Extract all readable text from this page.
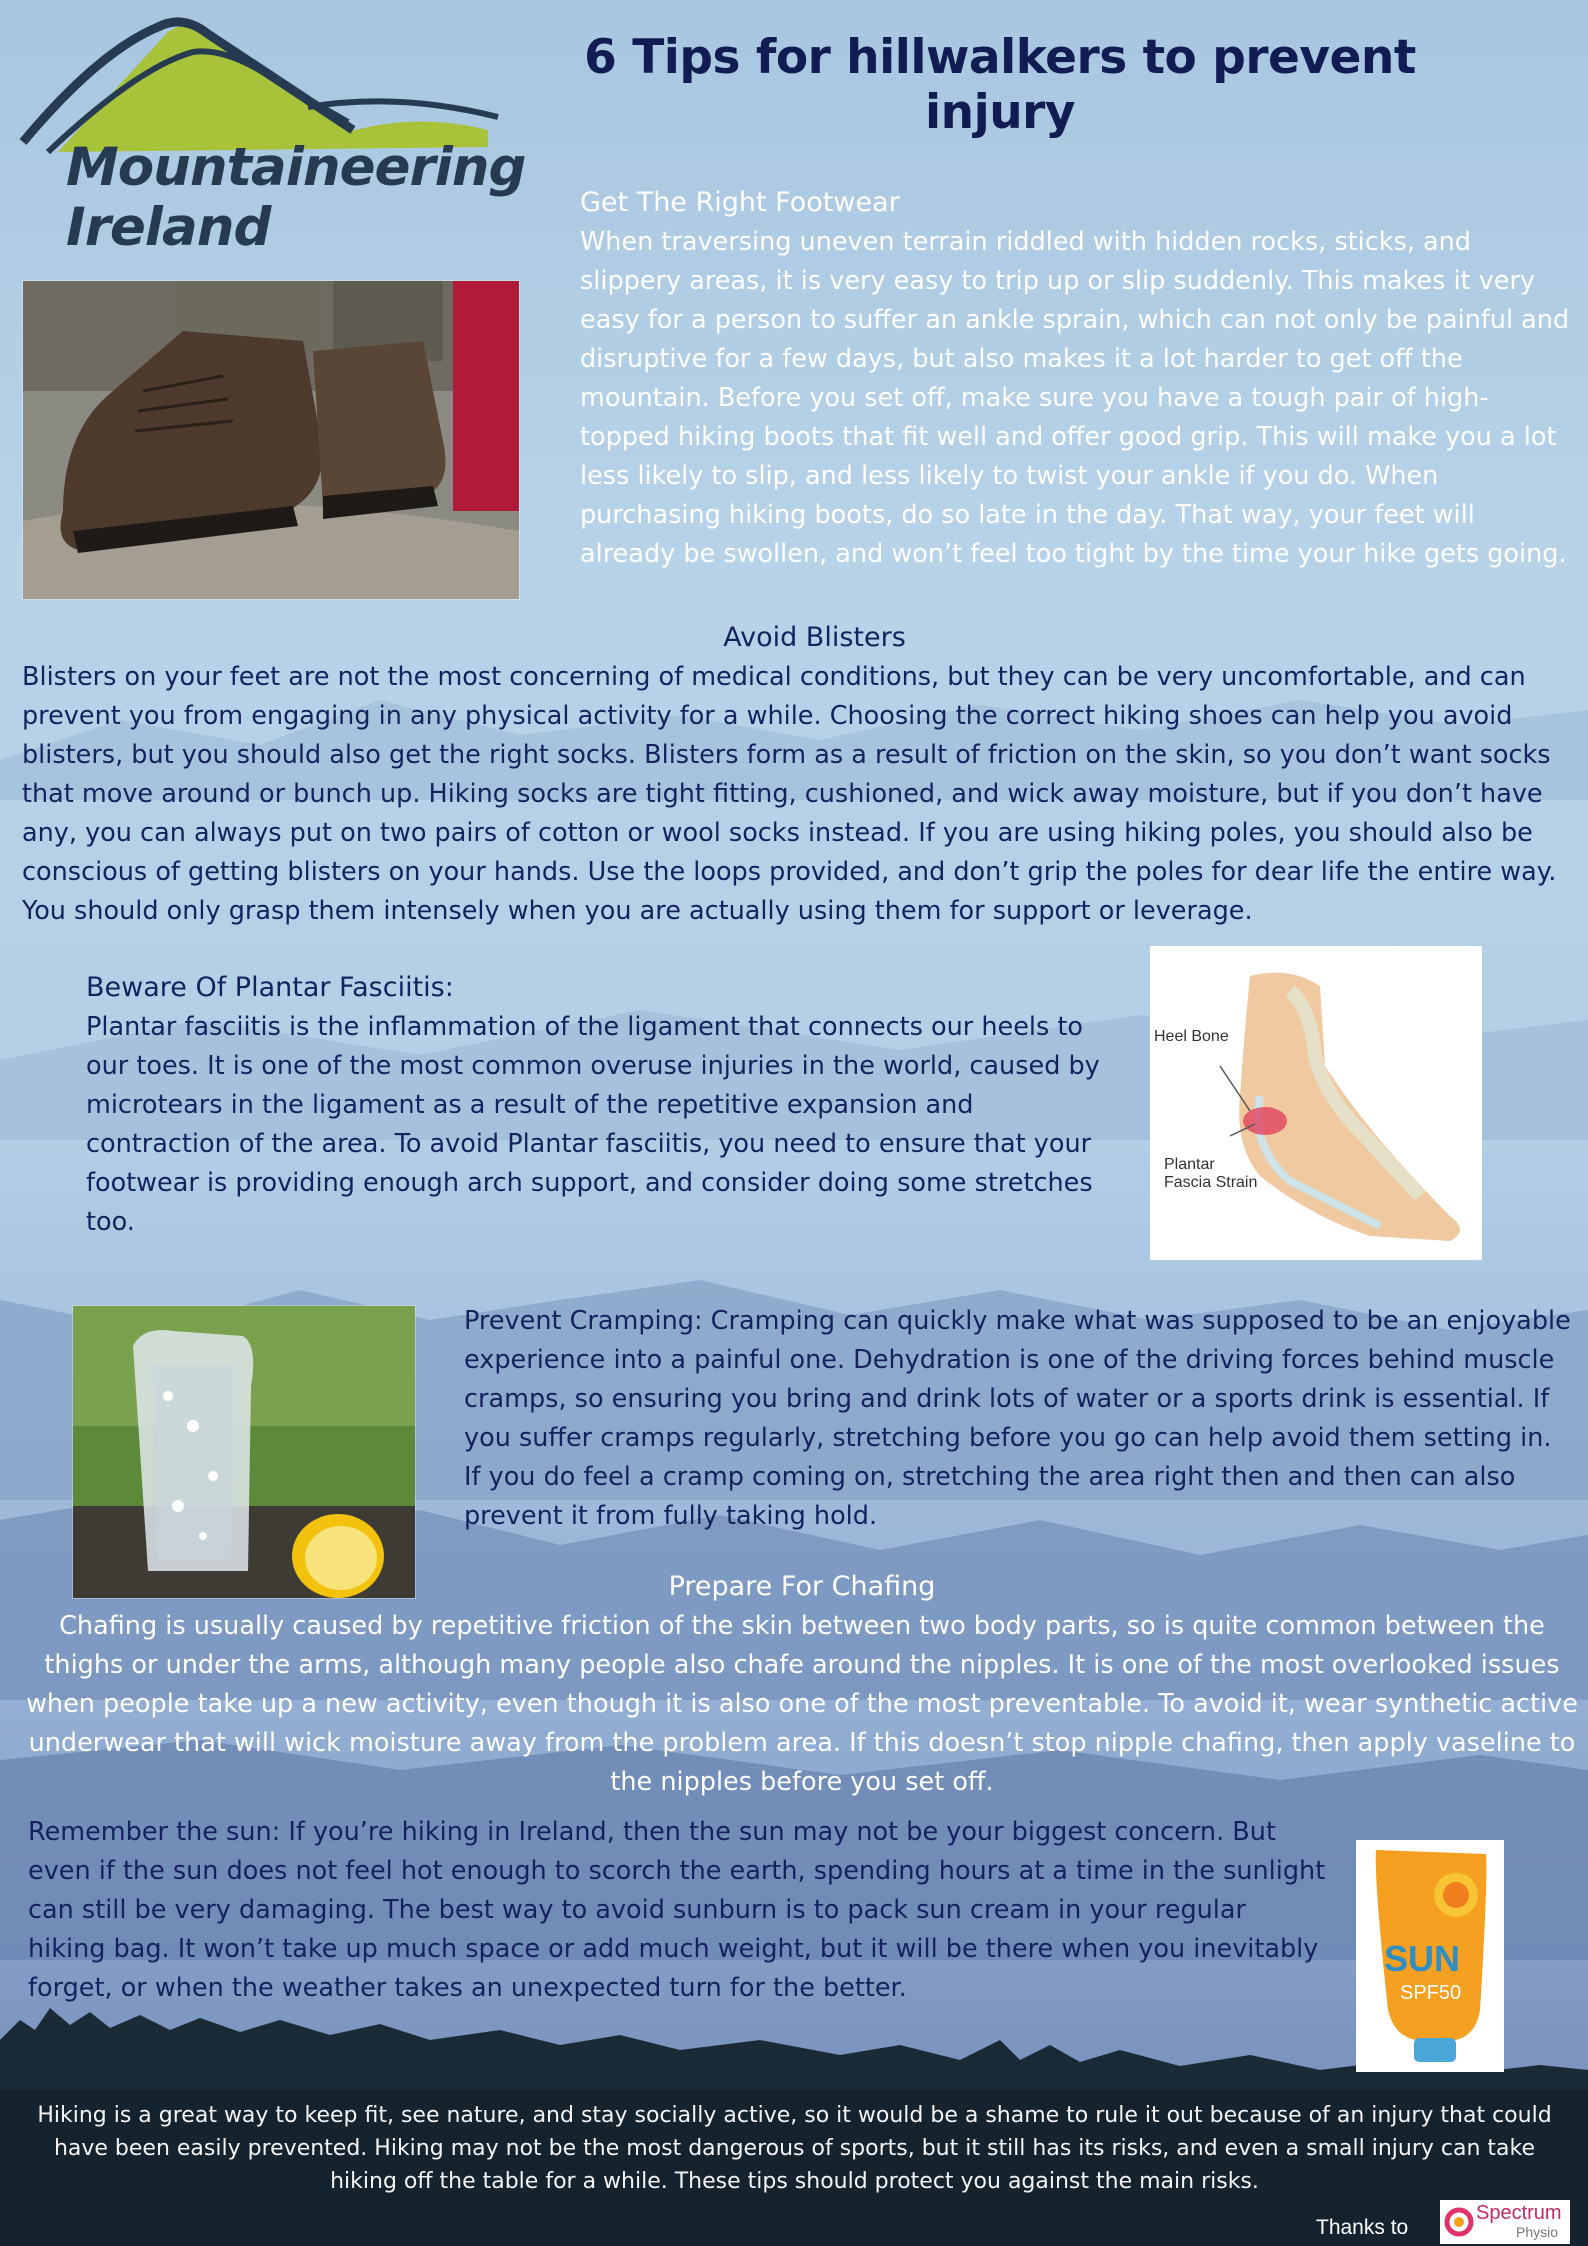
Mountaineering
Ireland
6 Tips for hillwalkers to prevent injury

Get The Right Footwear

When traversing uneven terrain riddled with hidden rocks, sticks, and slippery areas, it is very easy to trip up or slip suddenly. This makes it very easy for a person to suffer an ankle sprain, which can not only be painful and disruptive for a few days, but also makes it a lot harder to get off the mountain. Before you set off, make sure you have a tough pair of high-topped hiking boots that fit well and offer good grip. This will make you a lot less likely to slip, and less likely to twist your ankle if you do. When purchasing hiking boots, do so late in the day. That way, your feet will already be swollen, and won’t feel too tight by the time your hike gets going.

Avoid Blisters

Blisters on your feet are not the most concerning of medical conditions, but they can be very uncomfortable, and can prevent you from engaging in any physical activity for a while. Choosing the correct hiking shoes can help you avoid blisters, but you should also get the right socks. Blisters form as a result of friction on the skin, so you don’t want socks that move around or bunch up. Hiking socks are tight fitting, cushioned, and wick away moisture, but if you don’t have any, you can always put on two pairs of cotton or wool socks instead. If you are using hiking poles, you should also be conscious of getting blisters on your hands. Use the loops provided, and don’t grip the poles for dear life the entire way. You should only grasp them intensely when you are actually using them for support or leverage.

Beware Of Plantar Fasciitis:

Plantar fasciitis is the inflammation of the ligament that connects our heels to our toes. It is one of the most common overuse injuries in the world, caused by microtears in the ligament as a result of the repetitive expansion and contraction of the area. To avoid Plantar fasciitis, you need to ensure that your footwear is providing enough arch support, and consider doing some stretches too.

Heel Bone
Plantar
Fascia Strain

Prevent Cramping: Cramping can quickly make what was supposed to be an enjoyable experience into a painful one. Dehydration is one of the driving forces behind muscle cramps, so ensuring you bring and drink lots of water or a sports drink is essential. If you suffer cramps regularly, stretching before you go can help avoid them setting in. If you do feel a cramp coming on, stretching the area right then and then can also prevent it from fully taking hold.

Prepare For Chafing

Chafing is usually caused by repetitive friction of the skin between two body parts, so is quite common between the thighs or under the arms, although many people also chafe around the nipples. It is one of the most overlooked issues when people take up a new activity, even though it is also one of the most preventable. To avoid it, wear synthetic active underwear that will wick moisture away from the problem area. If this doesn’t stop nipple chafing, then apply vaseline to the nipples before you set off.

Remember the sun: If you’re hiking in Ireland, then the sun may not be your biggest concern. But even if the sun does not feel hot enough to scorch the earth, spending hours at a time in the sunlight can still be very damaging. The best way to avoid sunburn is to pack sun cream in your regular hiking bag. It won’t take up much space or add much weight, but it will be there when you inevitably forget, or when the weather takes an unexpected turn for the better.

SUN
SPF50
Hiking is a great way to keep fit, see nature, and stay socially active, so it would be a shame to rule it out because of an injury that could have been easily prevented. Hiking may not be the most dangerous of sports, but it still has its risks, and even a small injury can take hiking off the table for a while. These tips should protect you against the main risks.
Thanks to
Spectrum
Physio
